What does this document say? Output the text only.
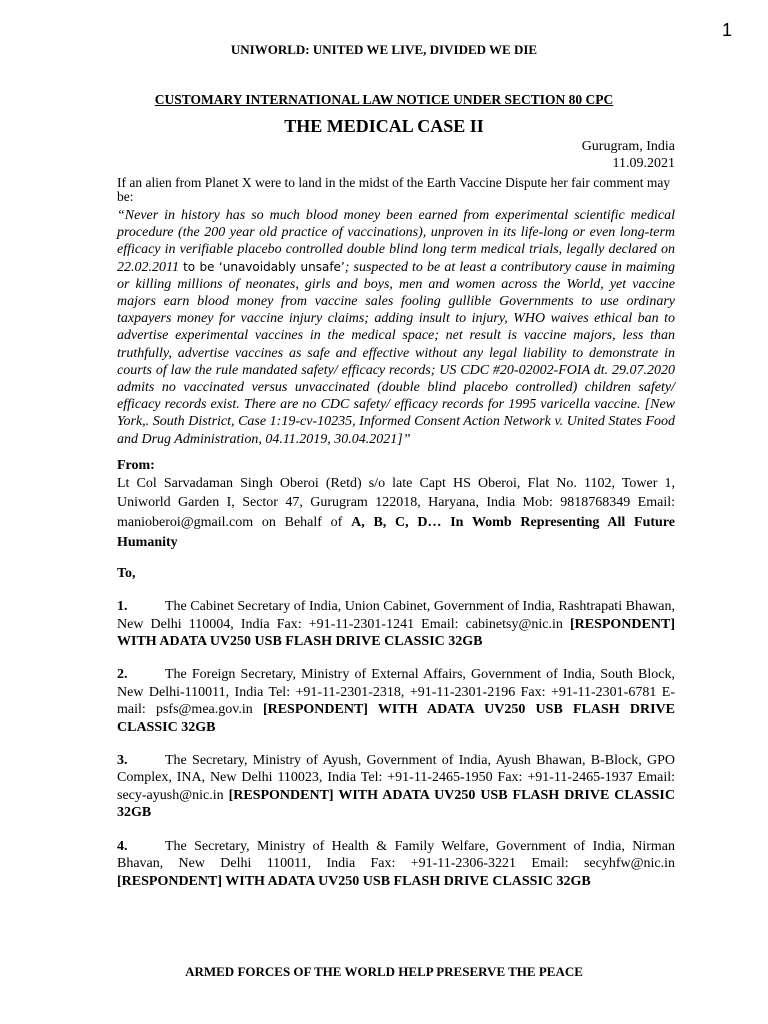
1
UNIWORLD: UNITED WE LIVE, DIVIDED WE DIE
CUSTOMARY INTERNATIONAL LAW NOTICE UNDER SECTION 80 CPC
THE MEDICAL CASE II
Gurugram, India
11.09.2021

If an alien from Planet X were to land in the midst of the Earth Vaccine Dispute her fair comment may be:

“Never in history has so much blood money been earned from experimental scientific medical procedure (the 200 year old practice of vaccinations), unproven in its life-long or even long-term efficacy in verifiable placebo controlled double blind long term medical trials, legally declared on 22.02.2011 to be ‘unavoidably unsafe’; suspected to be at least a contributory cause in maiming or killing millions of neonates, girls and boys, men and women across the World, yet vaccine majors earn blood money from vaccine sales fooling gullible Governments to use ordinary taxpayers money for vaccine injury claims; adding insult to injury, WHO waives ethical ban to advertise experimental vaccines in the medical space; net result is vaccine majors, less than truthfully, advertise vaccines as safe and effective without any legal liability to demonstrate in courts of law the rule mandated safety/ efficacy records; US CDC #20-02002-FOIA dt. 29.07.2020 admits no vaccinated versus unvaccinated (double blind placebo controlled) children safety/ efficacy records exist. There are no CDC safety/ efficacy records for 1995 varicella vaccine. [New York,. South District, Case 1:19-cv-10235, Informed Consent Action Network v. United States Food and Drug Administration, 04.11.2019, 30.04.2021]”

From:

Lt Col Sarvadaman Singh Oberoi (Retd) s/o late Capt HS Oberoi, Flat No. 1102, Tower 1, Uniworld Garden I, Sector 47, Gurugram 122018, Haryana, India Mob: 9818768349 Email: manioberoi@gmail.com on Behalf of A, B, C, D… In Womb Representing All Future Humanity

To,

1.	The Cabinet Secretary of India, Union Cabinet, Government of India, Rashtrapati Bhawan, New Delhi 110004, India Fax: +91-11-2301-1241 Email: cabinetsy@nic.in [RESPONDENT] WITH ADATA UV250 USB FLASH DRIVE CLASSIC 32GB

2.	The Foreign Secretary, Ministry of External Affairs, Government of India, South Block, New Delhi-110011, India Tel: +91-11-2301-2318, +91-11-2301-2196 Fax: +91-11-2301-6781 E-mail: psfs@mea.gov.in [RESPONDENT] WITH ADATA UV250 USB FLASH DRIVE CLASSIC 32GB

3.	The Secretary, Ministry of Ayush, Government of India, Ayush Bhawan, B-Block, GPO Complex, INA, New Delhi 110023, India Tel: +91-11-2465-1950 Fax: +91-11-2465-1937 Email: secy-ayush@nic.in [RESPONDENT] WITH ADATA UV250 USB FLASH DRIVE CLASSIC 32GB

4.	The Secretary, Ministry of Health & Family Welfare, Government of India, Nirman Bhavan, New Delhi 110011, India Fax: +91-11-2306-3221 Email: secyhfw@nic.in [RESPONDENT] WITH ADATA UV250 USB FLASH DRIVE CLASSIC 32GB

ARMED FORCES OF THE WORLD HELP PRESERVE THE PEACE
